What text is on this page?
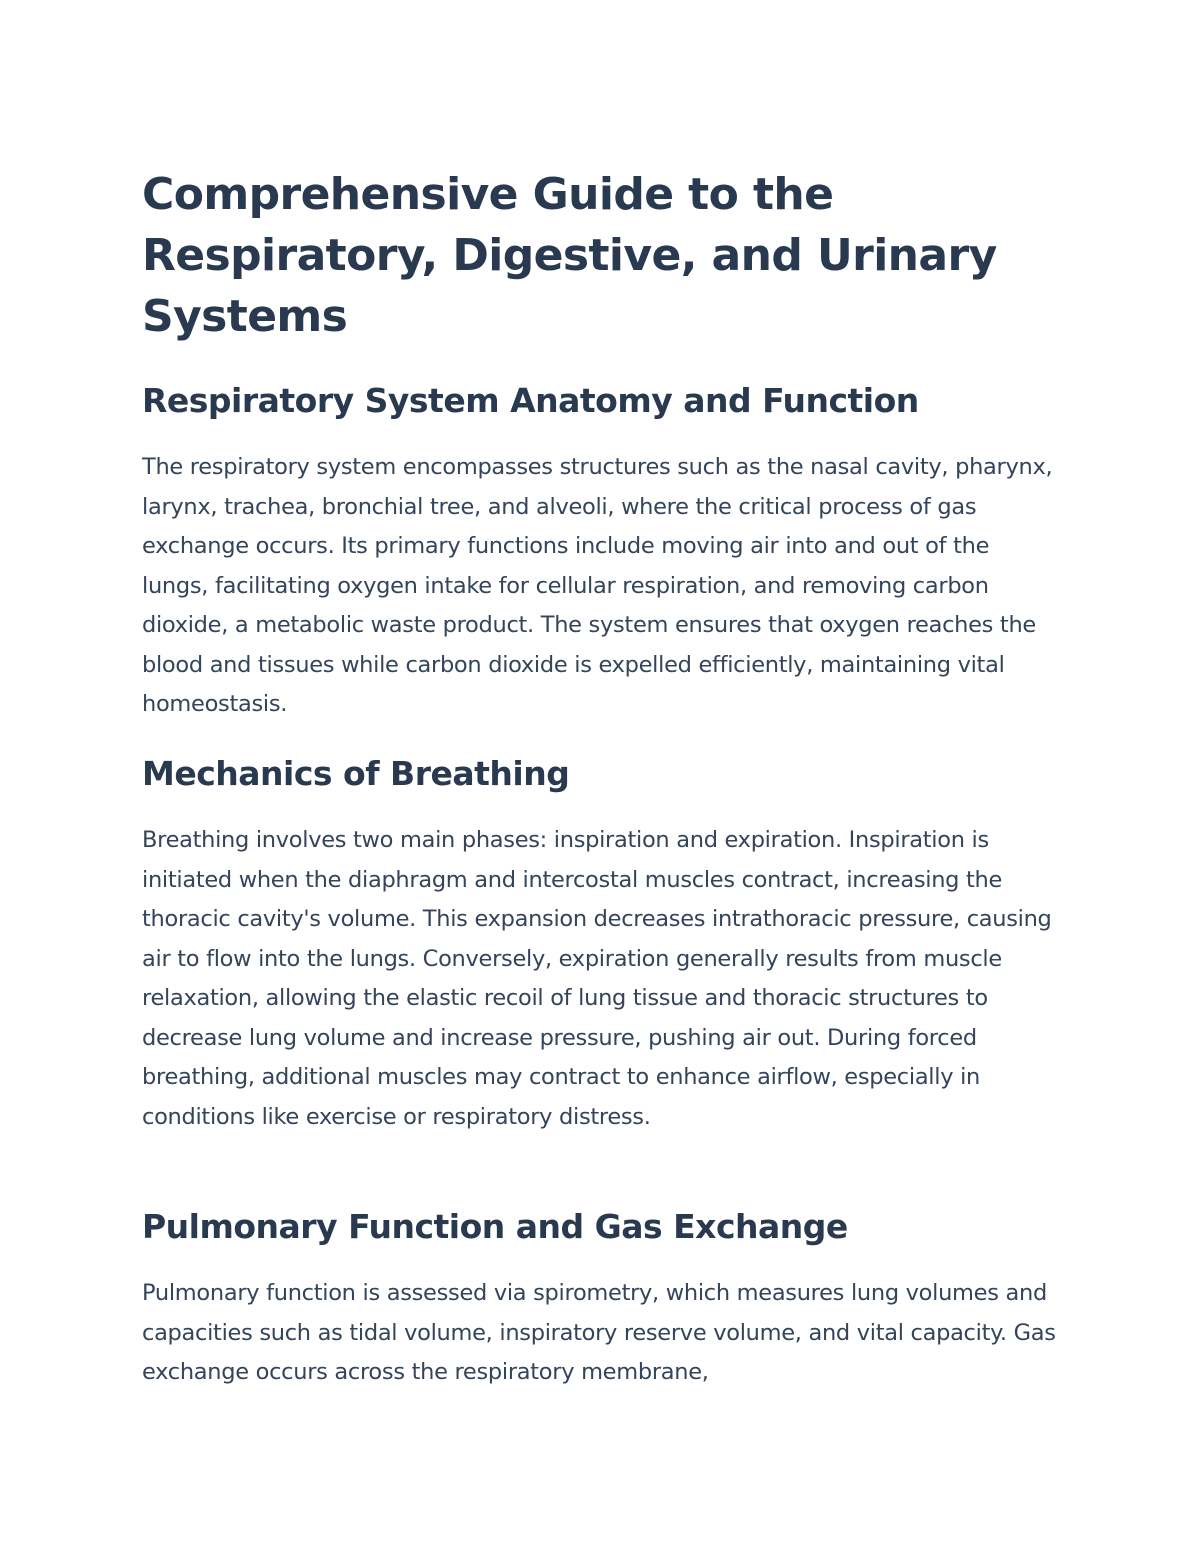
Comprehensive Guide to the Respiratory, Digestive, and Urinary Systems
Respiratory System Anatomy and Function

The respiratory system encompasses structures such as the nasal cavity, pharynx, larynx, trachea, bronchial tree, and alveoli, where the critical process of gas exchange occurs. Its primary functions include moving air into and out of the lungs, facilitating oxygen intake for cellular respiration, and removing carbon dioxide, a metabolic waste product. The system ensures that oxygen reaches the blood and tissues while carbon dioxide is expelled efficiently, maintaining vital homeostasis.

Mechanics of Breathing

Breathing involves two main phases: inspiration and expiration. Inspiration is initiated when the diaphragm and intercostal muscles contract, increasing the thoracic cavity's volume. This expansion decreases intrathoracic pressure, causing air to flow into the lungs. Conversely, expiration generally results from muscle relaxation, allowing the elastic recoil of lung tissue and thoracic structures to decrease lung volume and increase pressure, pushing air out. During forced breathing, additional muscles may contract to enhance airflow, especially in conditions like exercise or respiratory distress.

Pulmonary Function and Gas Exchange

Pulmonary function is assessed via spirometry, which measures lung volumes and capacities such as tidal volume, inspiratory reserve volume, and vital capacity. Gas exchange occurs across the respiratory membrane,
